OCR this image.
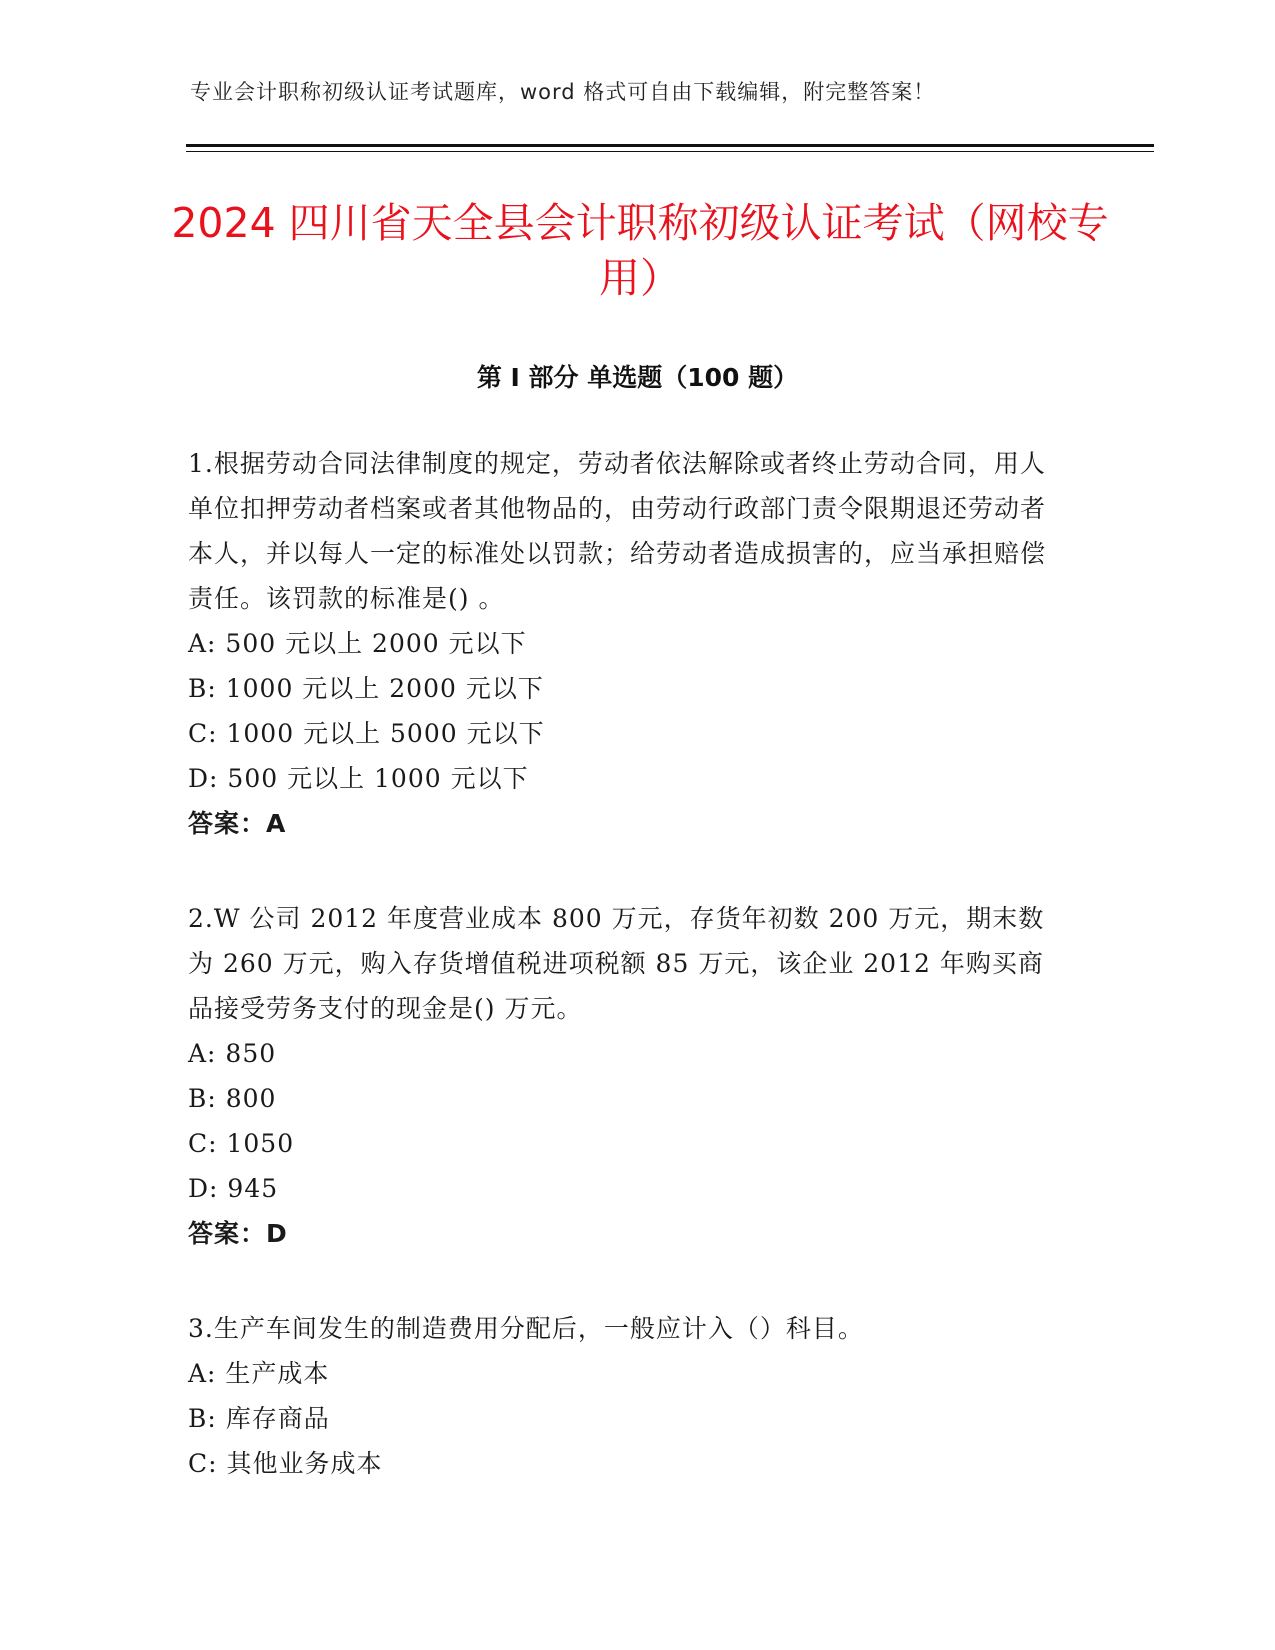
专业会计职称初级认证考试题库，word 格式可自由下载编辑，附完整答案！
2024 四川省天全县会计职称初级认证考试（网校专用）
第 I 部分 单选题（100 题）

1.根据劳动合同法律制度的规定，劳动者依法解除或者终止劳动合同，用人单位扣押劳动者档案或者其他物品的，由劳动行政部门责令限期退还劳动者本人，并以每人一定的标准处以罚款；给劳动者造成损害的，应当承担赔偿责任。该罚款的标准是() 。

A: 500 元以上 2000 元以下

B: 1000 元以上 2000 元以下

C: 1000 元以上 5000 元以下

D: 500 元以上 1000 元以下

答案：A

2.W 公司 2012 年度营业成本 800 万元，存货年初数 200 万元，期末数为 260 万元，购入存货增值税进项税额 85 万元，该企业 2012 年购买商品接受劳务支付的现金是() 万元。

A: 850

B: 800

C: 1050

D: 945

答案：D

3.生产车间发生的制造费用分配后，一般应计入（）科目。

A: 生产成本

B: 库存商品

C: 其他业务成本
